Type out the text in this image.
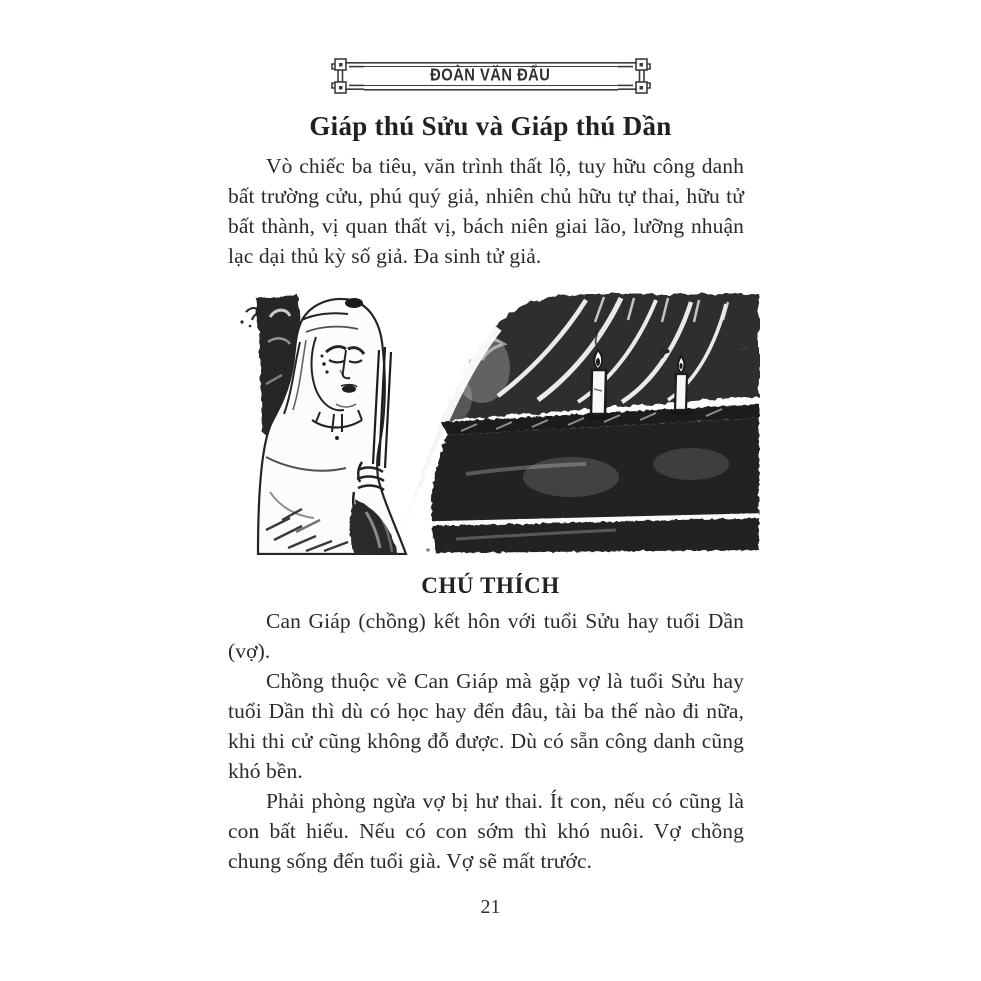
ĐOÀN VĂN ĐẨU
Giáp thú Sửu và Giáp thú Dần

Vò chiếc ba tiêu, văn trình thất lộ, tuy hữu công danh bất trường cửu, phú quý giả, nhiên chủ hữu tự thai, hữu tử bất thành, vị quan thất vị, bách niên giai lão, lưỡng nhuận lạc dại thủ kỳ số giả. Đa sinh tử giả.

CHÚ THÍCH

Can Giáp (chồng) kết hôn với tuổi Sửu hay tuổi Dần (vợ).

Chồng thuộc về Can Giáp mà gặp vợ là tuổi Sửu hay tuổi Dần thì dù có học hay đến đâu, tài ba thế nào đi nữa, khi thi cử cũng không đỗ được. Dù có sẵn công danh cũng khó bền.

Phải phòng ngừa vợ bị hư thai. Ít con, nếu có cũng là con bất hiếu. Nếu có con sớm thì khó nuôi. Vợ chồng chung sống đến tuổi già. Vợ sẽ mất trước.

21
